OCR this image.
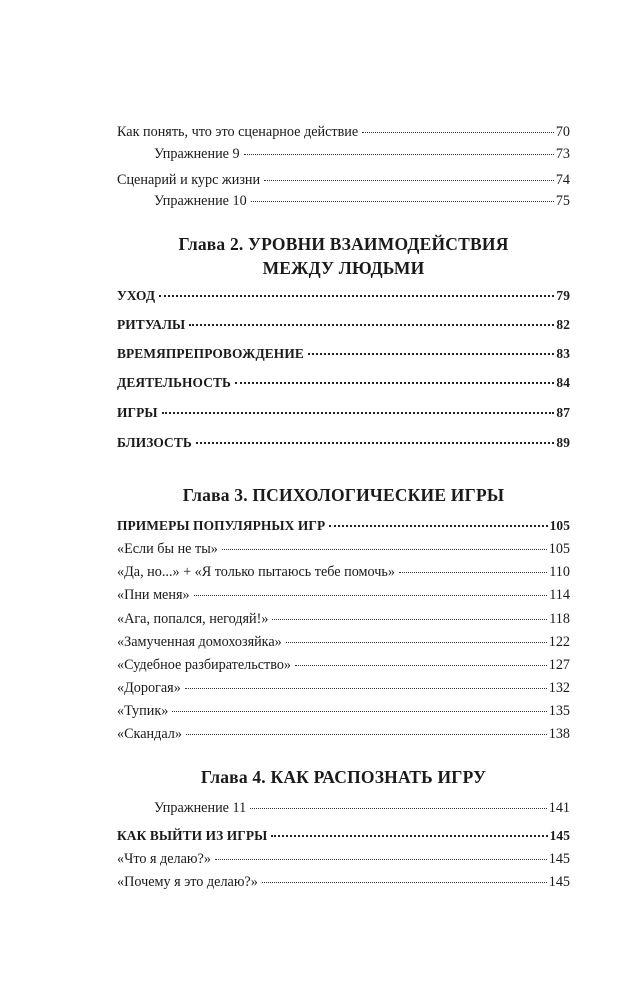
Как понять, что это сценарное действие	70
Упражнение 9	73
Сценарий и курс жизни	74
Упражнение 10	75
Глава 2. УРОВНИ ВЗАИМОДЕЙСТВИЯ
МЕЖДУ ЛЮДЬМИ
УХОД	79
РИТУАЛЫ	82
ВРЕМЯПРЕПРОВОЖДЕНИЕ	83
ДЕЯТЕЛЬНОСТЬ	84
ИГРЫ	87
БЛИЗОСТЬ	89
Глава 3. ПСИХОЛОГИЧЕСКИЕ ИГРЫ
ПРИМЕРЫ ПОПУЛЯРНЫХ ИГР	105
«Если бы не ты»	105
«Да, но...» + «Я только пытаюсь тебе помочь»	110
«Пни меня»	114
«Ага, попался, негодяй!»	118
«Замученная домохозяйка»	122
«Судебное разбирательство»	127
«Дорогая»	132
«Тупик»	135
«Скандал»	138
Глава 4. КАК РАСПОЗНАТЬ ИГРУ
Упражнение 11	141
КАК ВЫЙТИ ИЗ ИГРЫ	145
«Что я делаю?»	145
«Почему я это делаю?»	145
